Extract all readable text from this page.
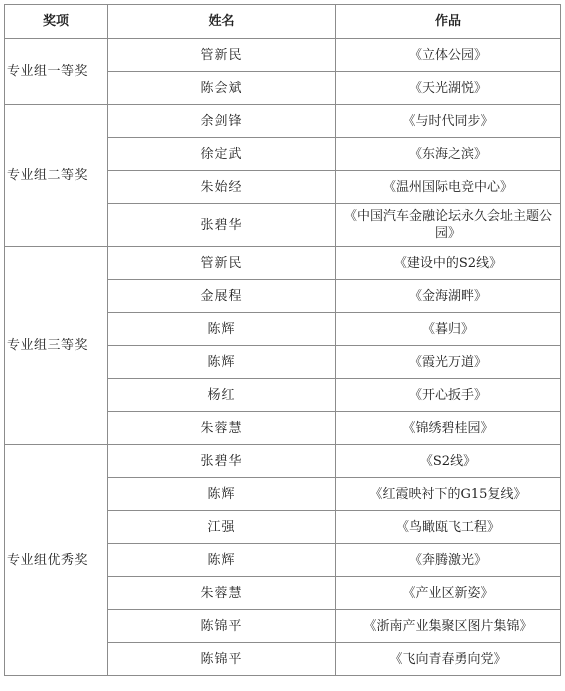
奖项	姓名	作品
专业组一等奖	管新民	《立体公园》
	陈会斌	《天光湖悦》
专业组二等奖	余剑锋	《与时代同步》
	徐定武	《东海之滨》
	朱始经	《温州国际电竞中心》
	张碧华	《中国汽车金融论坛永久会址主题公园》
专业组三等奖	管新民	《建设中的S2线》
	金展程	《金海湖畔》
	陈辉	《暮归》
	陈辉	《霞光万道》
	杨红	《开心扳手》
	朱蓉慧	《锦绣碧桂园》
专业组优秀奖	张碧华	《S2线》
	陈辉	《红霞映衬下的G15复线》
	江强	《鸟瞰瓯飞工程》
	陈辉	《奔腾激光》
	朱蓉慧	《产业区新姿》
	陈锦平	《浙南产业集聚区图片集锦》
	陈锦平	《飞向青春勇向党》
